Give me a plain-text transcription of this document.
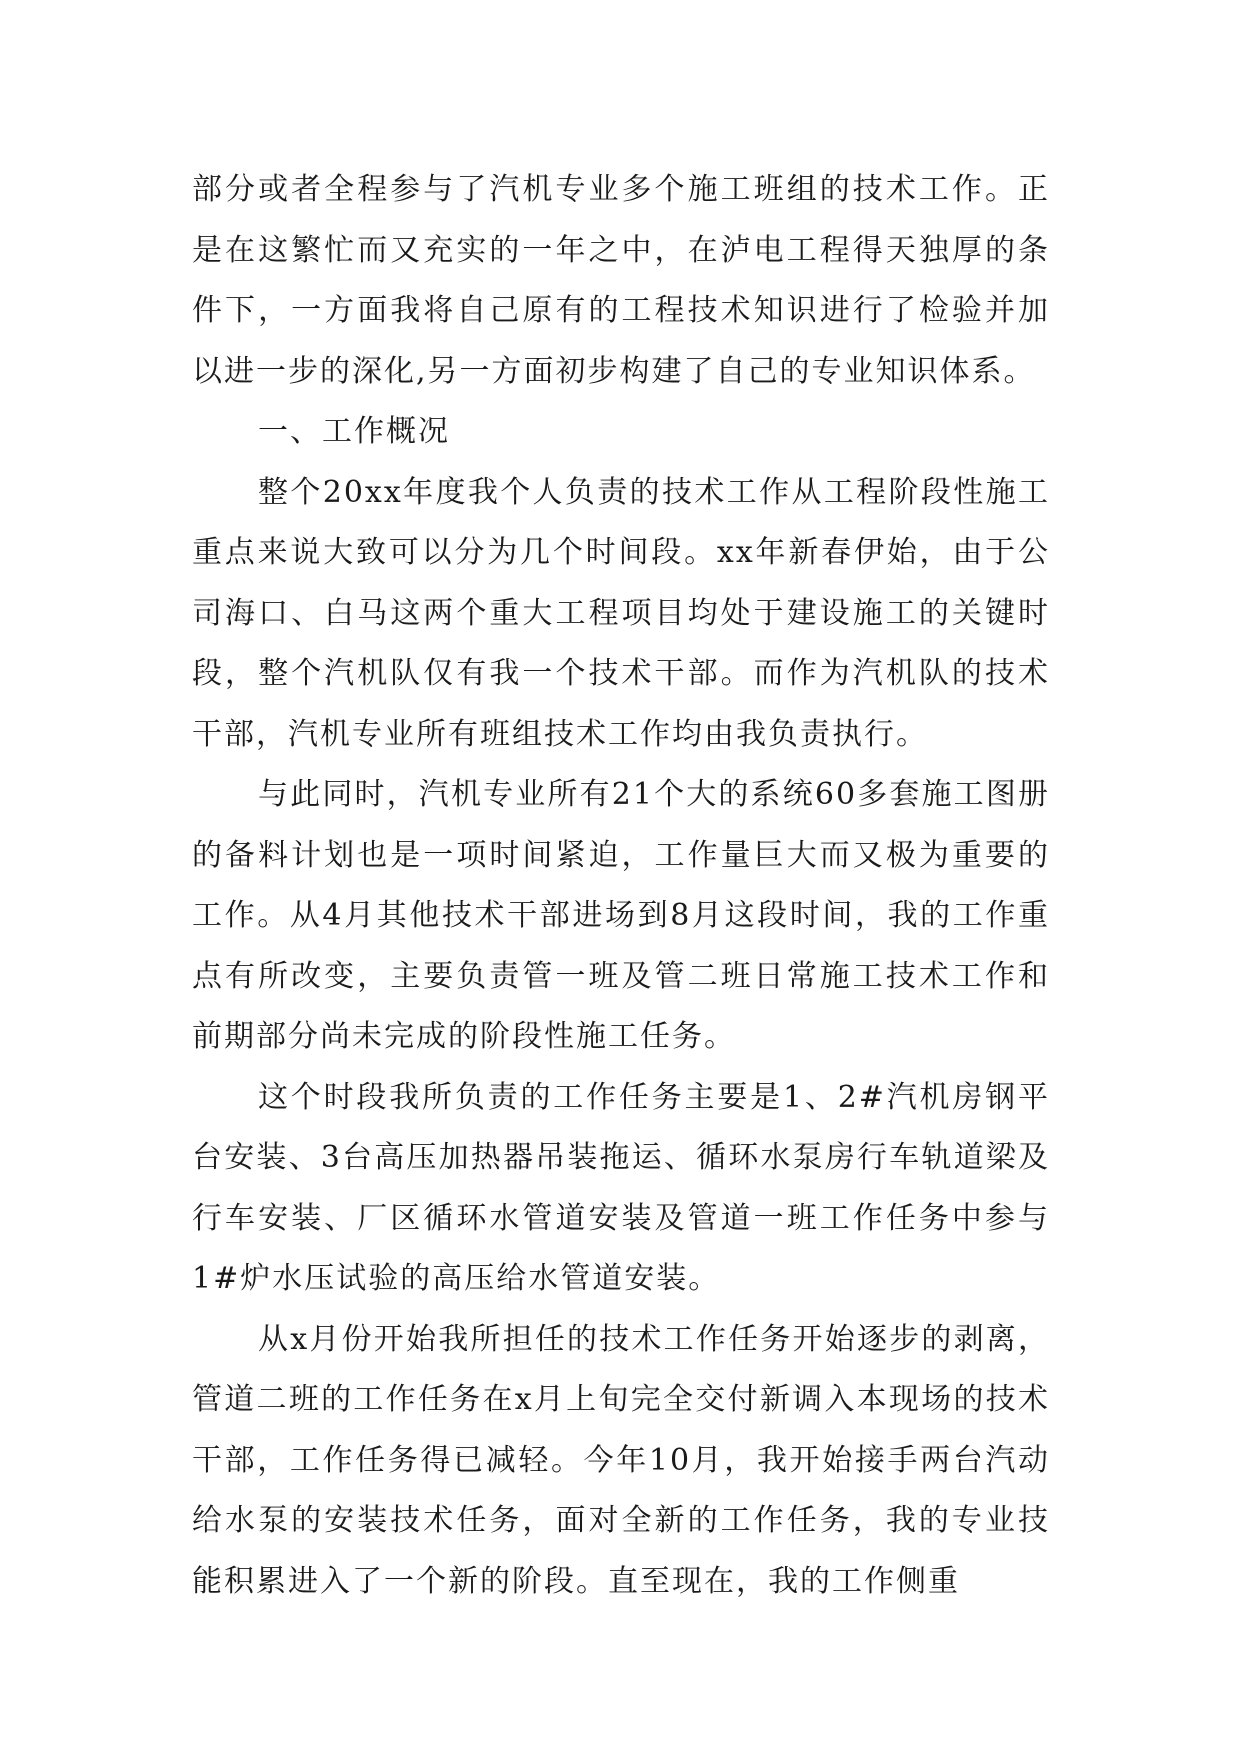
部分或者全程参与了汽机专业多个施工班组的技术工作。正是在这繁忙而又充实的一年之中，在泸电工程得天独厚的条件下，一方面我将自己原有的工程技术知识进行了检验并加以进一步的深化,另一方面初步构建了自己的专业知识体系。

一、工作概况

整个20xx年度我个人负责的技术工作从工程阶段性施工重点来说大致可以分为几个时间段。xx年新春伊始，由于公司海口、白马这两个重大工程项目均处于建设施工的关键时段，整个汽机队仅有我一个技术干部。而作为汽机队的技术干部，汽机专业所有班组技术工作均由我负责执行。

与此同时，汽机专业所有21个大的系统60多套施工图册的备料计划也是一项时间紧迫，工作量巨大而又极为重要的工作。从4月其他技术干部进场到8月这段时间，我的工作重点有所改变，主要负责管一班及管二班日常施工技术工作和前期部分尚未完成的阶段性施工任务。

这个时段我所负责的工作任务主要是1、2#汽机房钢平台安装、3台高压加热器吊装拖运、循环水泵房行车轨道梁及行车安装、厂区循环水管道安装及管道一班工作任务中参与1#炉水压试验的高压给水管道安装。

从x月份开始我所担任的技术工作任务开始逐步的剥离，管道二班的工作任务在x月上旬完全交付新调入本现场的技术干部，工作任务得已减轻。今年10月，我开始接手两台汽动给水泵的安装技术任务，面对全新的工作任务，我的专业技能积累进入了一个新的阶段。直至现在，我的工作侧重
